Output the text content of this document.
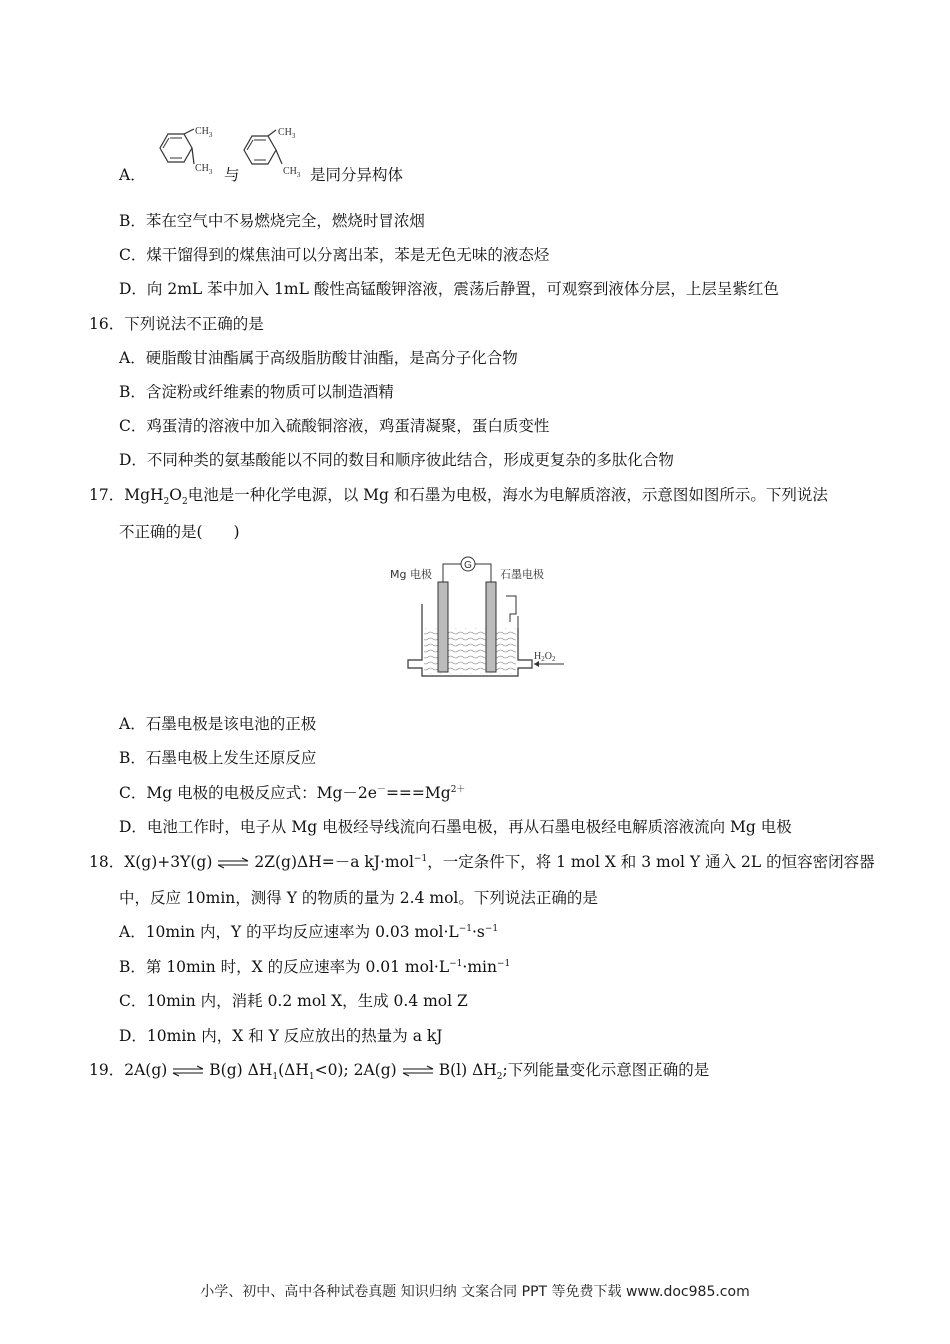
A．
$CH_3$
$CH_3$ 与
$CH_3$
$CH_3$ 是同分异构体
B．苯在空气中不易燃烧完全，燃烧时冒浓烟
C．煤干馏得到的煤焦油可以分离出苯，苯是无色无味的液态烃
D．向 2mL 苯中加入 1mL 酸性高锰酸钾溶液，震荡后静置，可观察到液体分层，上层呈紫红色
16．下列说法不正确的是
A．硬脂酸甘油酯属于高级脂肪酸甘油酯，是高分子化合物
B．含淀粉或纤维素的物质可以制造酒精
C．鸡蛋清的溶液中加入硫酸铜溶液，鸡蛋清凝聚，蛋白质变性
D．不同种类的氨基酸能以不同的数目和顺序彼此结合，形成更复杂的多肽化合物
17．$MgH_2O_2$电池是一种化学电源，以 Mg 和石墨为电极，海水为电解质溶液，示意图如图所示。下列说法
不正确的是(　　)
G
Mg 电极	石墨电极
$H_2O_2$
A．石墨电极是该电池的正极
B．石墨电极上发生还原反应
C．Mg 电极的电极反应式：$Mg-2e^-===Mg^{2+}$
D．电池工作时，电子从 Mg 电极经导线流向石墨电极，再从石墨电极经电解质溶液流向 Mg 电极
18．X(g)+3Y(g) ⇌ 2Z(g)ΔH=－a kJ·mol$^{-1}$，一定条件下，将 1 mol X 和 3 mol Y 通入 2L 的恒容密闭容器
中，反应 10min，测得 Y 的物质的量为 2.4 mol。下列说法正确的是
A．10min 内，Y 的平均反应速率为 0.03 $mol\cdot L^{-1}\cdot s^{-1}$
B．第 10min 时，X 的反应速率为 0.01 $mol\cdot L^{-1}\cdot\min^{-1}$
C．10min 内，消耗 0.2 mol X，生成 0.4 mol Z
D．10min 内，X 和 Y 反应放出的热量为 a kJ
19．2A(g) ⇌ B(g) $\Delta H_1(\Delta H_1<0)$; 2A(g) ⇌ B(l) $\Delta H_2$;下列能量变化示意图正确的是
小学、初中、高中各种试卷真题 知识归纳 文案合同 PPT 等免费下载 www.doc985.com
